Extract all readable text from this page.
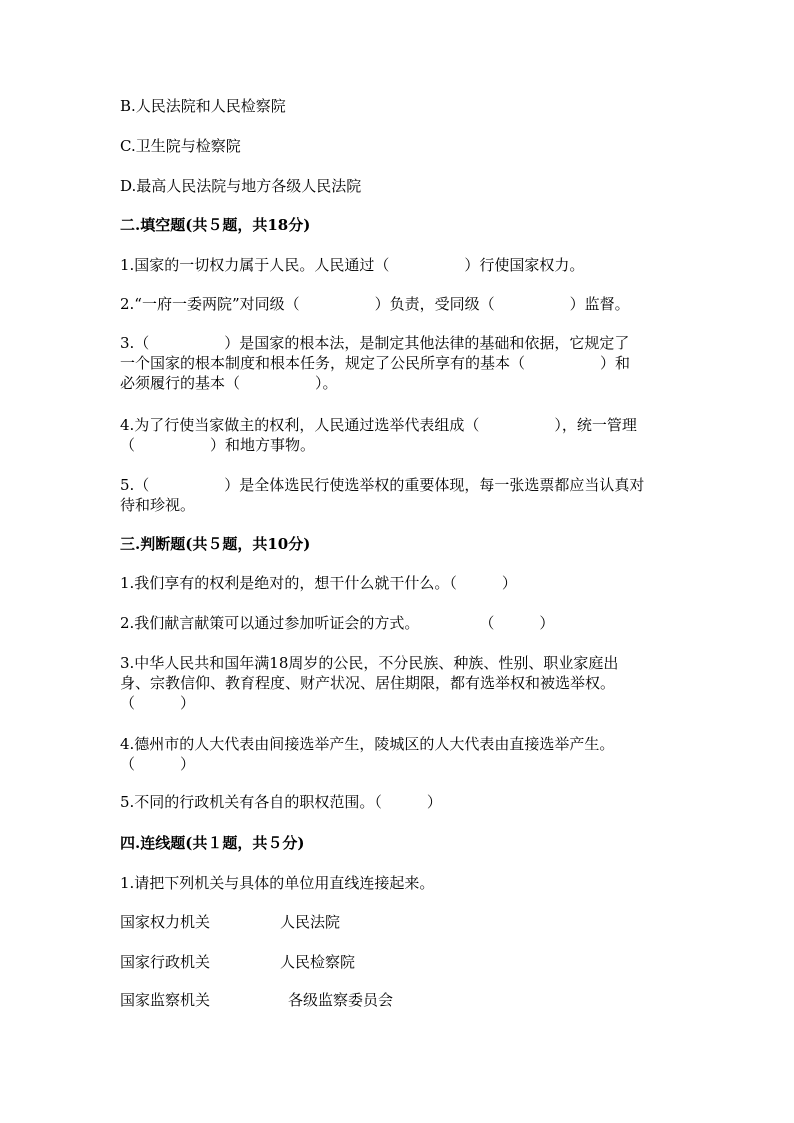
B.人民法院和人民检察院

C.卫生院与检察院

D.最高人民法院与地方各级人民法院

二.填空题(共５题，共18分)

1.国家的一切权力属于人民。人民通过（　　　　　）行使国家权力。

2.“一府一委两院”对同级（　　　　　）负责，受同级（　　　　　）监督。

3.（　　　　　）是国家的根本法，是制定其他法律的基础和依据，它规定了

一个国家的根本制度和根本任务，规定了公民所享有的基本（　　　　　）和

必须履行的基本（　　　　　）。

4.为了行使当家做主的权利，人民通过选举代表组成（　　　　　），统一管理

（　　　　　）和地方事物。

5.（　　　　　）是全体选民行使选举权的重要体现，每一张选票都应当认真对

待和珍视。

三.判断题(共５题，共10分)

1.我们享有的权利是绝对的，想干什么就干什么。（　　　）

2.我们献言献策可以通过参加听证会的方式。　　　　　（　　　）

3.中华人民共和国年满18周岁的公民，不分民族、种族、性别、职业家庭出

身、宗教信仰、教育程度、财产状况、居住期限，都有选举权和被选举权。

（　　　）

4.德州市的人大代表由间接选举产生，陵城区的人大代表由直接选举产生。

（　　　）

5.不同的行政机关有各自的职权范围。（　　　）

四.连线题(共１题，共５分)

1.请把下列机关与具体的单位用直线连接起来。

国家权力机关	人民法院
国家行政机关	人民检察院
国家监察机关	各级监察委员会
